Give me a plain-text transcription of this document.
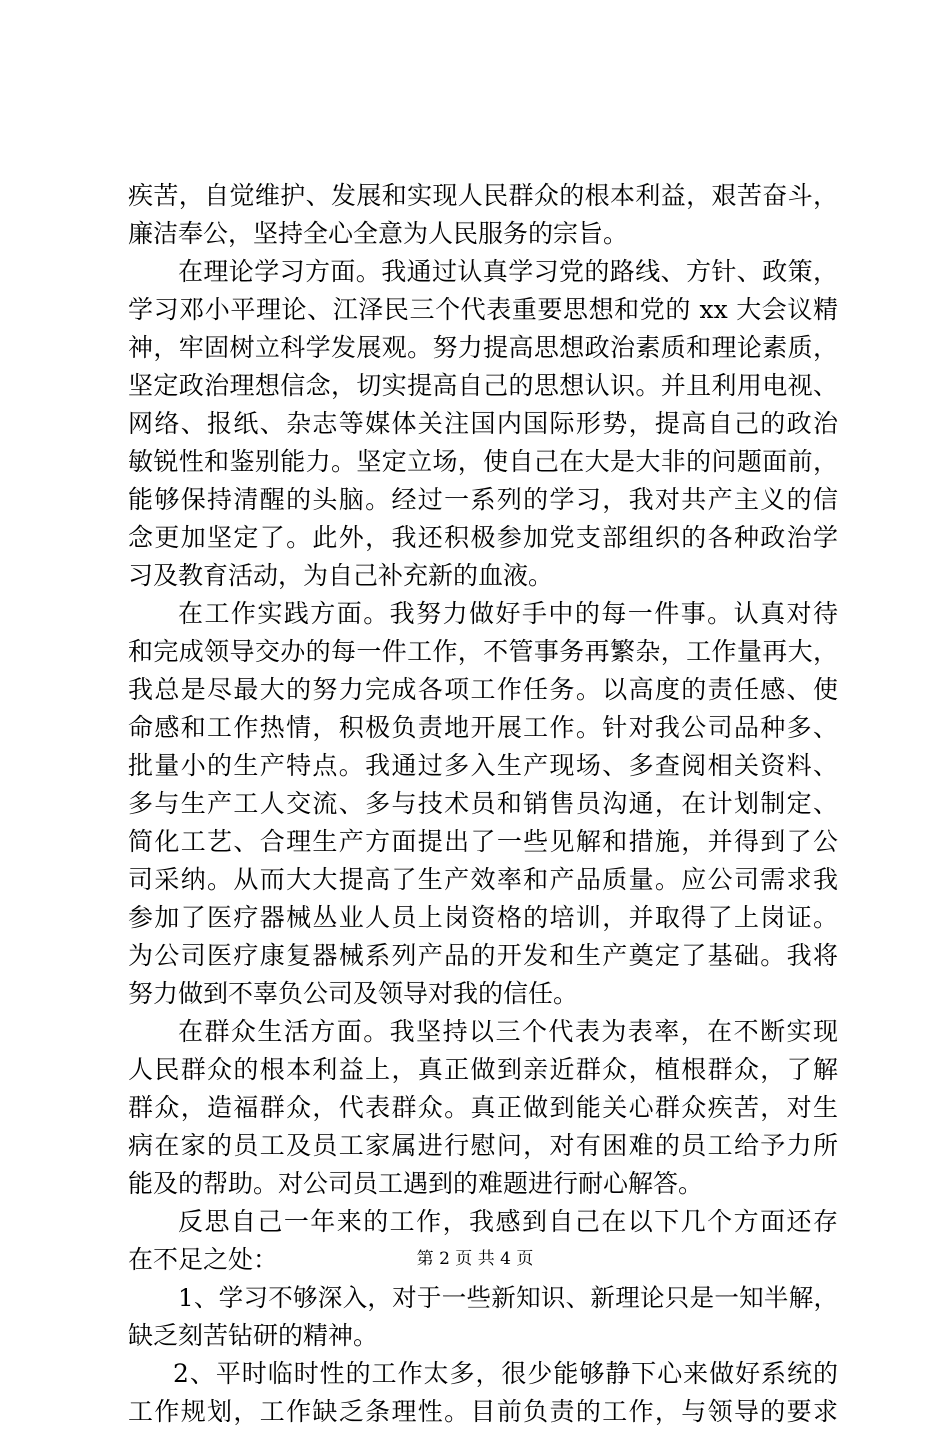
疾苦，自觉维护、发展和实现人民群众的根本利益，艰苦奋斗，
廉洁奉公，坚持全心全意为人民服务的宗旨。
在理论学习方面。我通过认真学习党的路线、方针、政策，
学习邓小平理论、江泽民三个代表重要思想和党的 xx 大会议精
神，牢固树立科学发展观。努力提高思想政治素质和理论素质，
坚定政治理想信念，切实提高自己的思想认识。并且利用电视、
网络、报纸、杂志等媒体关注国内国际形势，提高自己的政治
敏锐性和鉴别能力。坚定立场，使自己在大是大非的问题面前，
能够保持清醒的头脑。经过一系列的学习，我对共产主义的信
念更加坚定了。此外，我还积极参加党支部组织的各种政治学
习及教育活动，为自己补充新的血液。
在工作实践方面。我努力做好手中的每一件事。认真对待
和完成领导交办的每一件工作，不管事务再繁杂，工作量再大，
我总是尽最大的努力完成各项工作任务。以高度的责任感、使
命感和工作热情，积极负责地开展工作。针对我公司品种多、
批量小的生产特点。我通过多入生产现场、多查阅相关资料、
多与生产工人交流、多与技术员和销售员沟通，在计划制定、
简化工艺、合理生产方面提出了一些见解和措施，并得到了公
司采纳。从而大大提高了生产效率和产品质量。应公司需求我
参加了医疗器械丛业人员上岗资格的培训，并取得了上岗证。
为公司医疗康复器械系列产品的开发和生产奠定了基础。我将
努力做到不辜负公司及领导对我的信任。
在群众生活方面。我坚持以三个代表为表率，在不断实现
人民群众的根本利益上，真正做到亲近群众，植根群众，了解
群众，造福群众，代表群众。真正做到能关心群众疾苦，对生
病在家的员工及员工家属进行慰问，对有困难的员工给予力所
能及的帮助。对公司员工遇到的难题进行耐心解答。
反思自己一年来的工作，我感到自己在以下几个方面还存
在不足之处：
1、学习不够深入，对于一些新知识、新理论只是一知半解，
缺乏刻苦钻研的精神。
2、平时临时性的工作太多，很少能够静下心来做好系统的
工作规划，工作缺乏条理性。目前负责的工作，与领导的要求
第 2 页 共 4 页
